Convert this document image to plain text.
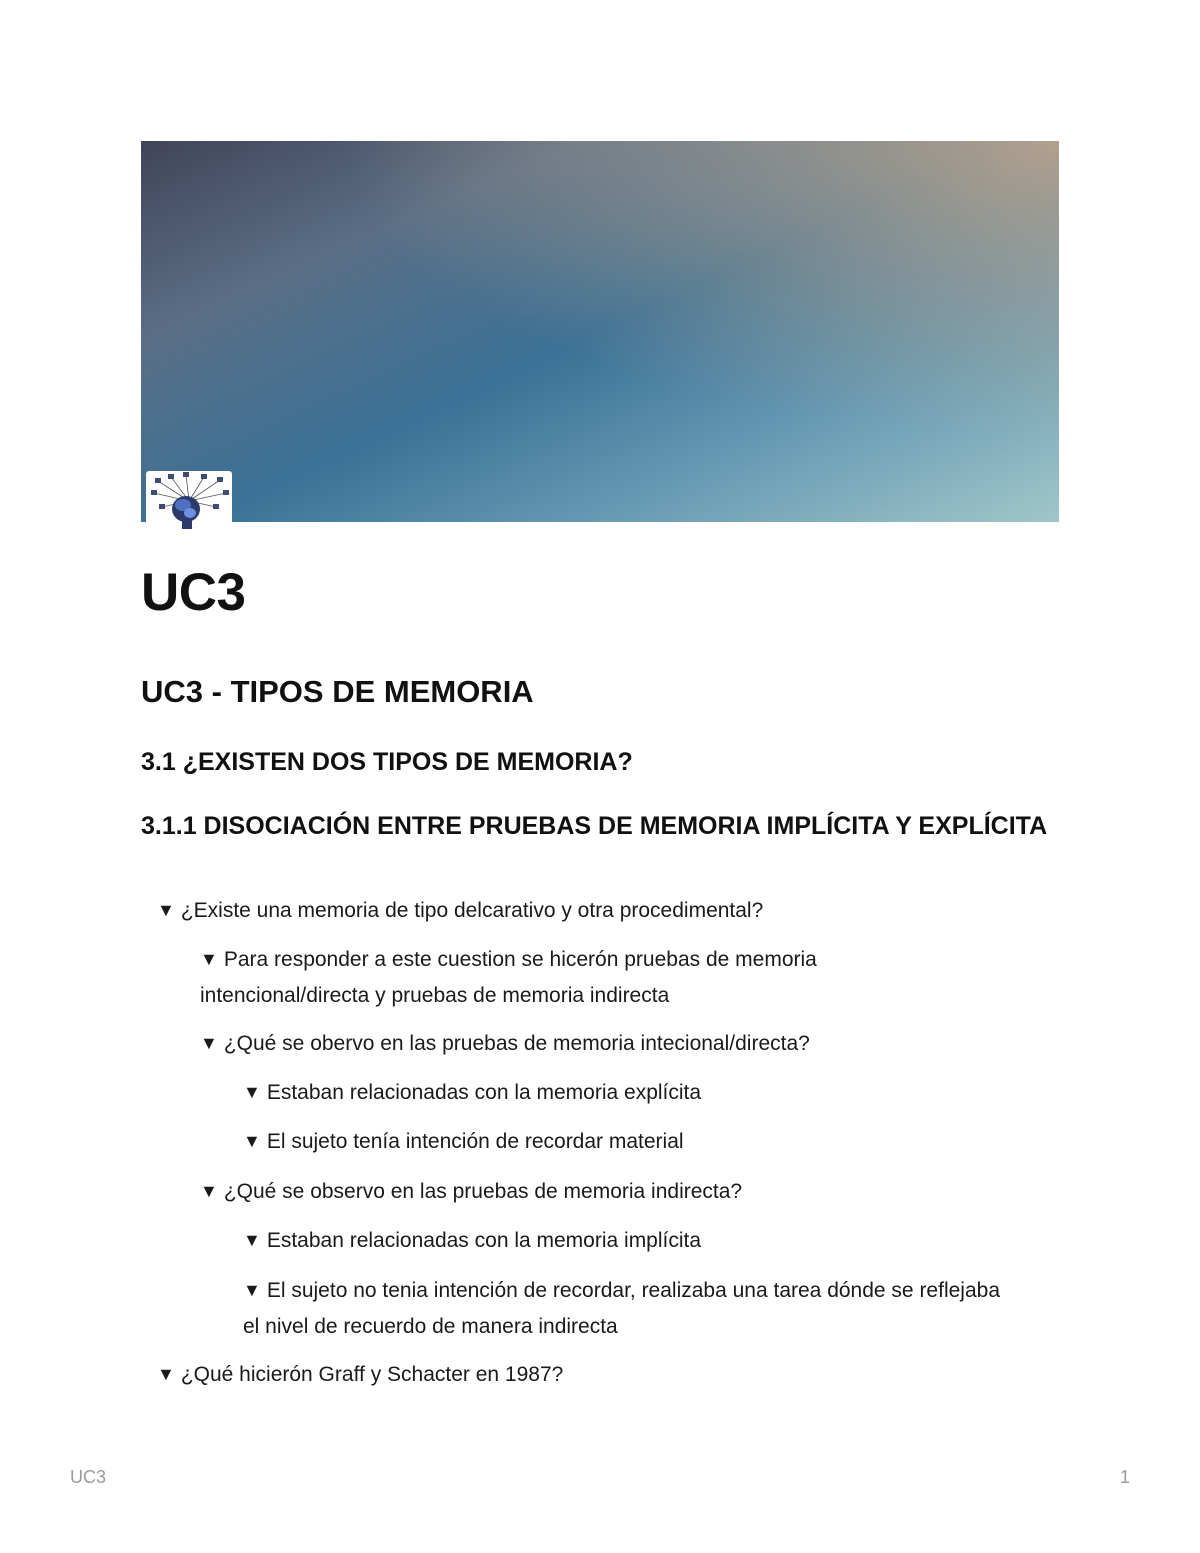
UC3
UC3 - TIPOS DE MEMORIA
3.1 ¿EXISTEN DOS TIPOS DE MEMORIA?
3.1.1 DISOCIACIÓN ENTRE PRUEBAS DE MEMORIA IMPLÍCITA Y EXPLÍCITA

▼ ¿Existe una memoria de tipo delcarativo y otra procedimental?

▼ Para responder a este cuestion se hicerón pruebas de memoria intencional/directa y pruebas de memoria indirecta

▼ ¿Qué se obervo en las pruebas de memoria intecional/directa?

▼ Estaban relacionadas con la memoria explícita

▼ El sujeto tenía intención de recordar material

▼ ¿Qué se observo en las pruebas de memoria indirecta?

▼ Estaban relacionadas con la memoria implícita

▼ El sujeto no tenia intención de recordar, realizaba una tarea dónde se reflejaba el nivel de recuerdo de manera indirecta

▼ ¿Qué hicierón Graff y Schacter en 1987?

UC3	1
